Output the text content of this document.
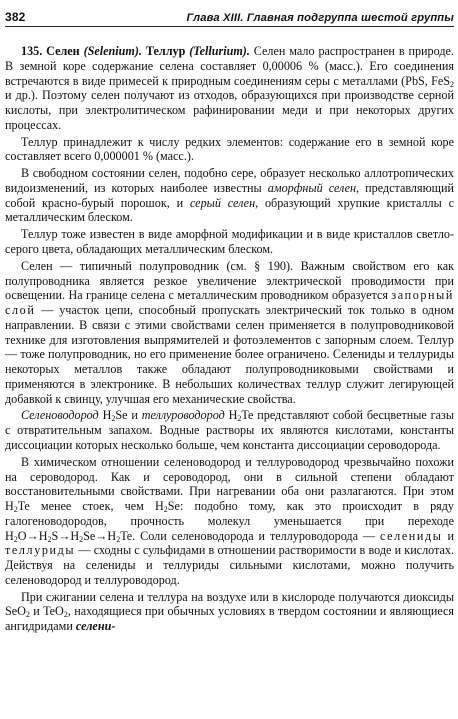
382	Глава XIII. Главная подгруппа шестой группы

135. Селен (Selenium). Теллур (Tellurium). Селен мало распространен в природе. В земной коре содержание селена составляет 0,00006 % (масс.). Его соединения встречаются в виде примесей к природным соединениям серы с металлами (PbS, FeS$_2$ и др.). Поэтому селен получают из отходов, образующихся при производстве серной кислоты, при электролитическом рафинировании меди и при некоторых других процессах.

Теллур принадлежит к числу редких элементов: содержание его в земной коре составляет всего 0,000001 % (масс.).

В свободном состоянии селен, подобно сере, образует несколько аллотропических видоизменений, из которых наиболее известны аморфный селен, представляющий собой красно-бурый порошок, и серый селен, образующий хрупкие кристаллы с металлическим блеском.

Теллур тоже известен в виде аморфной модификации и в виде кристаллов светло-серого цвета, обладающих металлическим блеском.

Селен — типичный полупроводник (см. § 190). Важным свойством его как полупроводника является резкое увеличение электрической проводимости при освещении. На границе селена с металлическим проводником образуется запорный слой — участок цепи, способный пропускать электрический ток только в одном направлении. В связи с этими свойствами селен применяется в полупроводниковой технике для изготовления выпрямителей и фотоэлементов с запорным слоем. Теллур — тоже полупроводник, но его применение более ограничено. Селениды и теллуриды некоторых металлов также обладают полупроводниковыми свойствами и применяются в электронике. В небольших количествах теллур служит легирующей добавкой к свинцу, улучшая его механические свойства.

Селеноводород $H_2Se$ и теллуроводород $H_2Te$ представляют собой бесцветные газы с отвратительным запахом. Водные растворы их являются кислотами, константы диссоциации которых несколько больше, чем константа диссоциации сероводорода.

В химическом отношении селеноводород и теллуроводород чрезвычайно похожи на сероводород. Как и сероводород, они в сильной степени обладают восстановительными свойствами. При нагревании оба они разлагаются. При этом $H_2Te$ менее стоек, чем $H_2Se$: подобно тому, как это происходит в ряду галогеноводородов, прочность молекул уменьшается при переходе $H_2O\to H_2S\to H_2Se\to H_2Te$. Соли селеноводорода и теллуроводорода — селениды и теллуриды — сходны с сульфидами в отношении растворимости в воде и кислотах. Действуя на селениды и теллуриды сильными кислотами, можно получить селеноводород и теллуроводород.

При сжигании селена и теллура на воздухе или в кислороде получаются диоксиды SeO$_2$ и TeO$_2$, находящиеся при обычных условиях в твердом состоянии и являющиеся ангидридами селени-
